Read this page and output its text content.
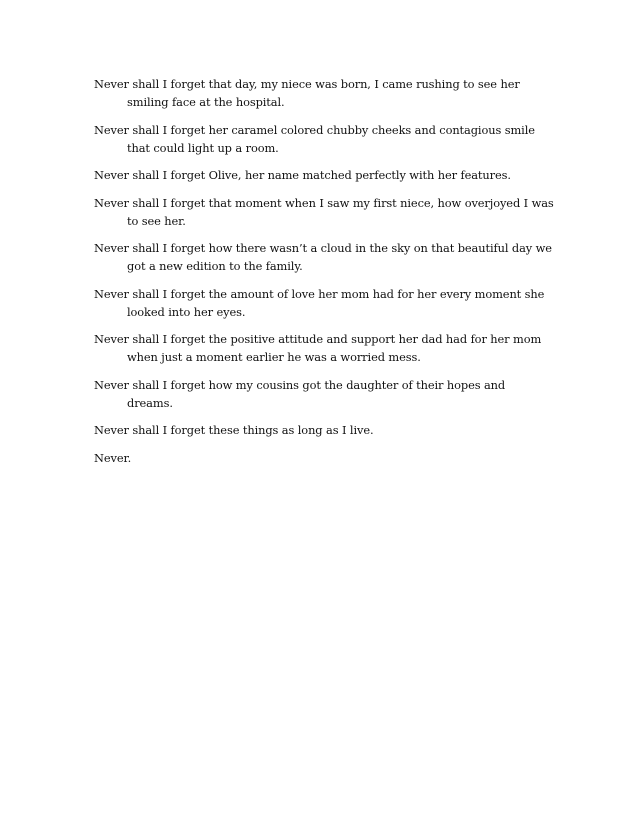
Never shall I forget that day, my niece was born, I came rushing to see her smiling face at the hospital.

Never shall I forget her caramel colored chubby cheeks and contagious smile that could light up a room.

Never shall I forget Olive, her name matched perfectly with her features.

Never shall I forget that moment when I saw my first niece, how overjoyed I was to see her.

Never shall I forget how there wasn’t a cloud in the sky on that beautiful day we got a new edition to the family.

Never shall I forget the amount of love her mom had for her every moment she looked into her eyes.

Never shall I forget the positive attitude and support her dad had for her mom when just a moment earlier he was a worried mess.

Never shall I forget how my cousins got the daughter of their hopes and dreams.

Never shall I forget these things as long as I live.

Never.
